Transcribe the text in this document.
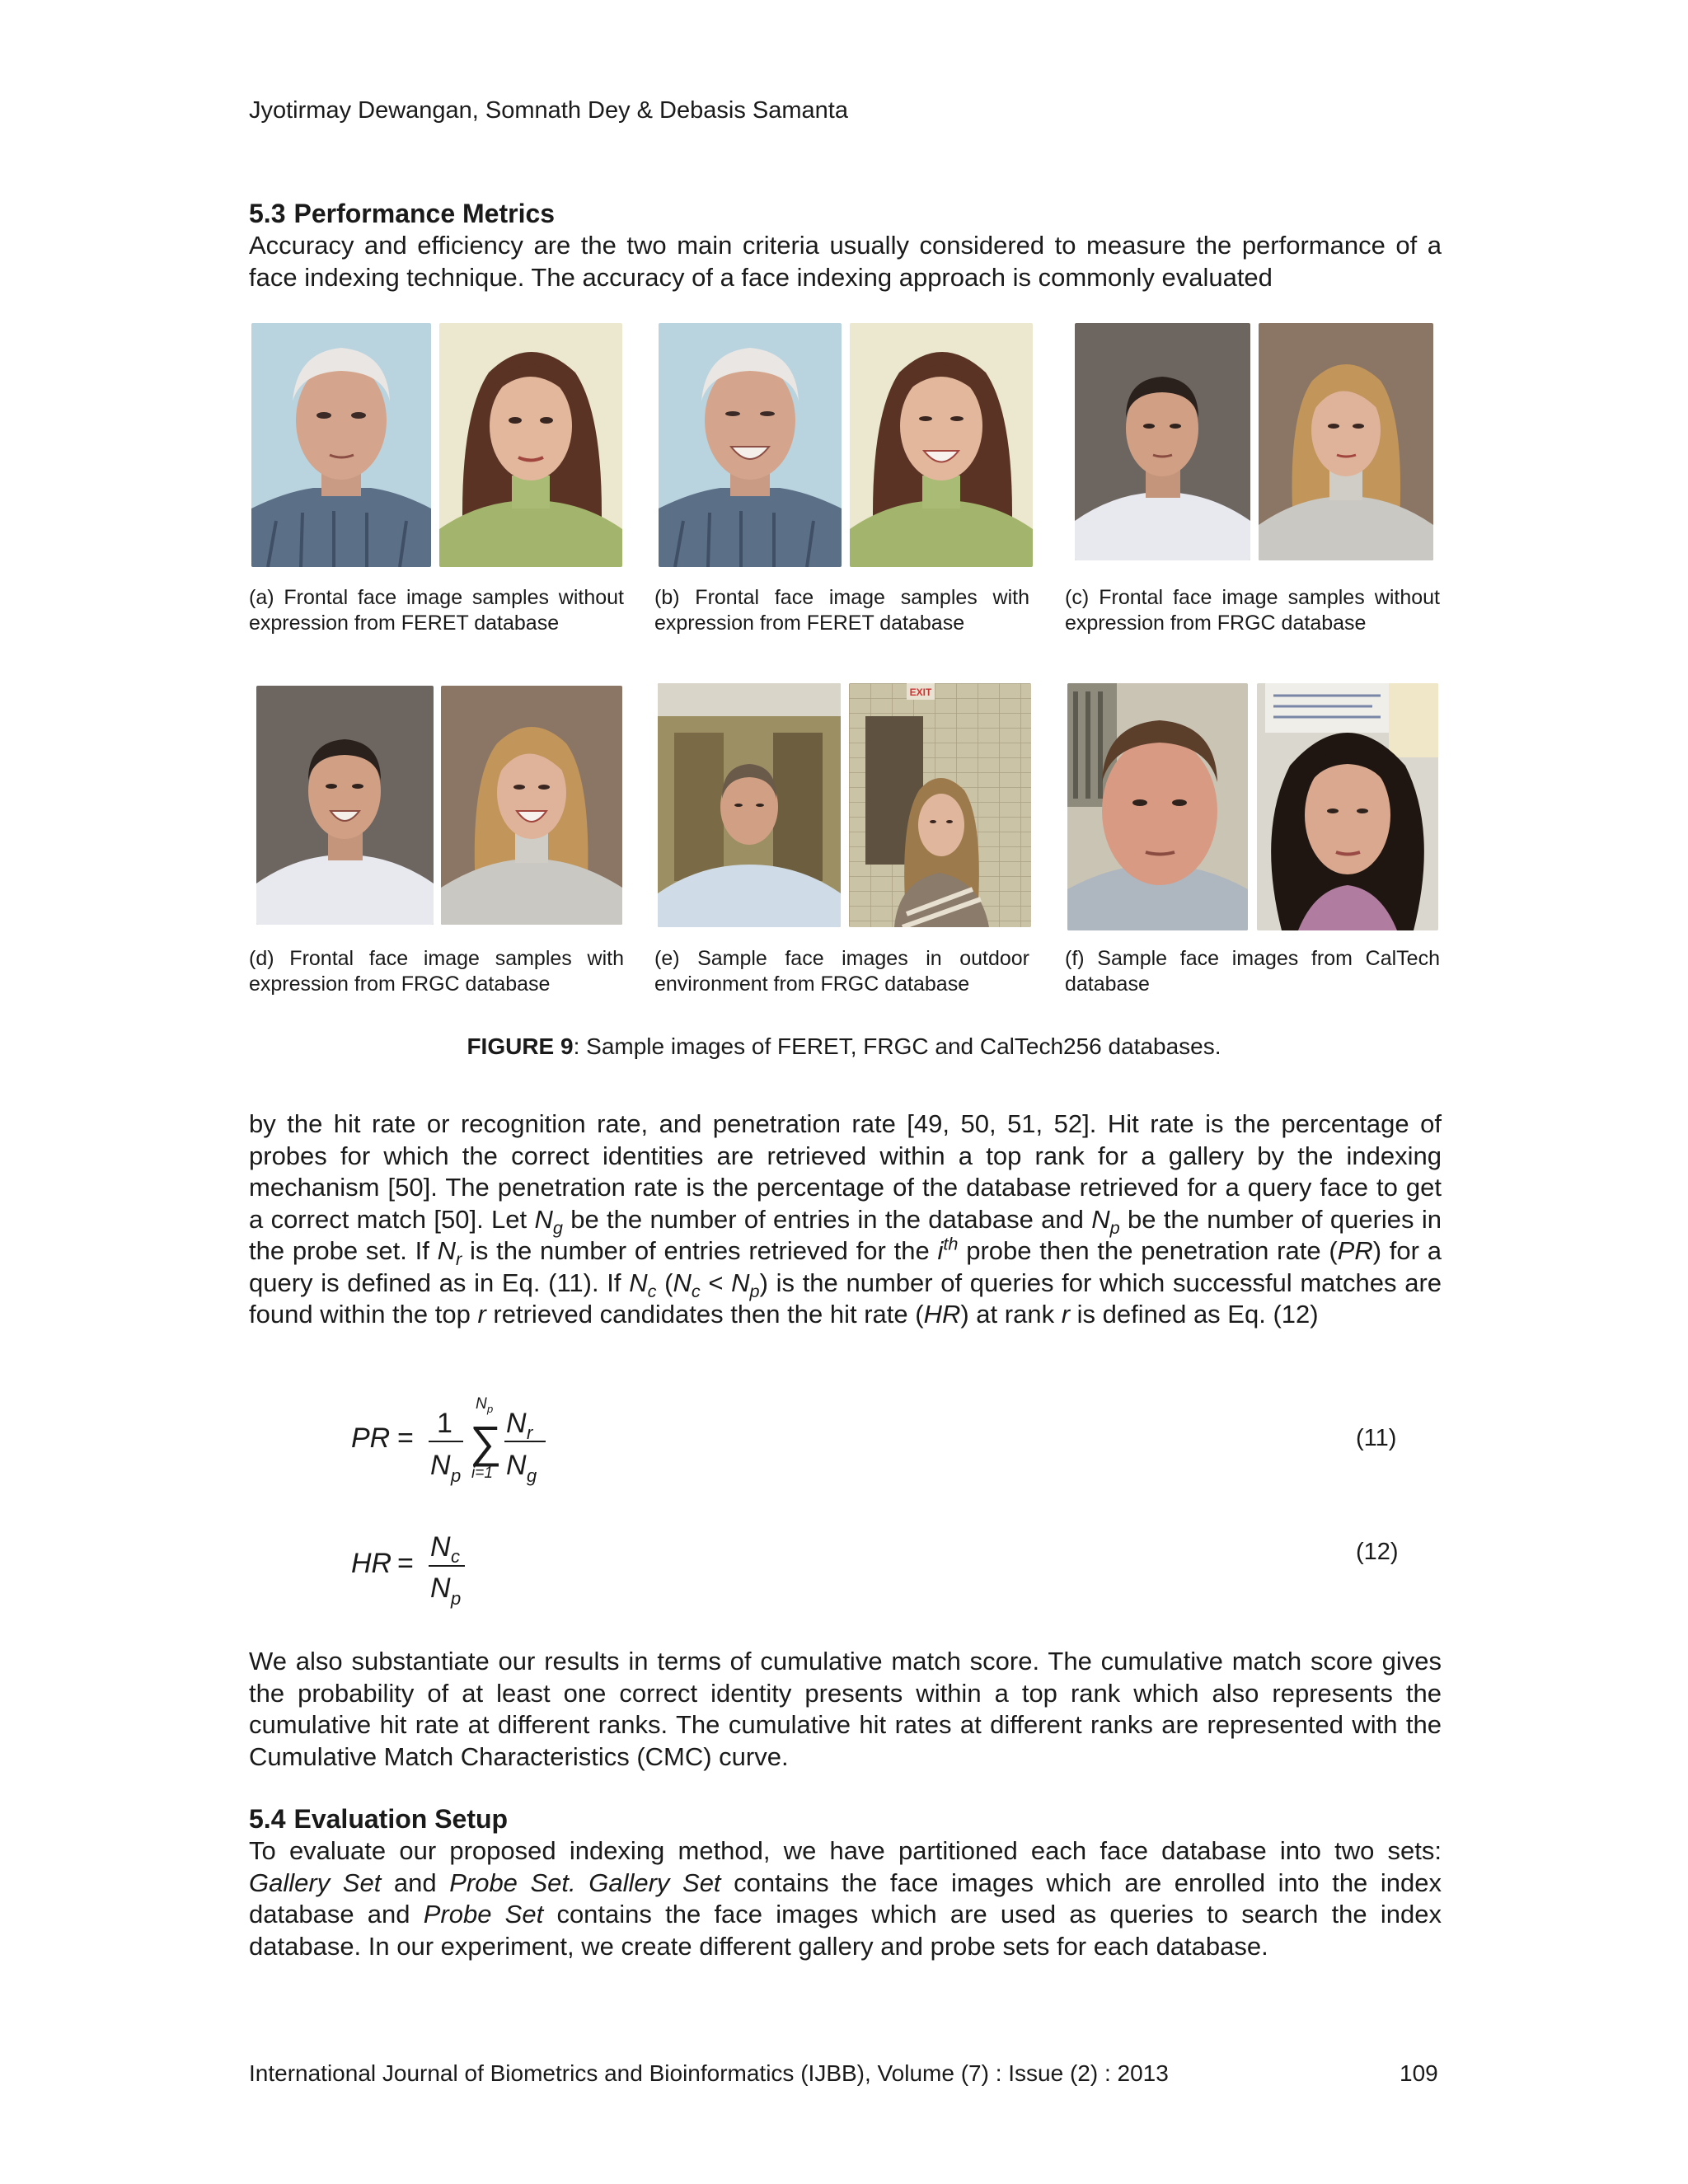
Jyotirmay Dewangan, Somnath Dey & Debasis Samanta
5.3 Performance Metrics
Accuracy and efficiency are the two main criteria usually considered to measure the performance of a face indexing technique. The accuracy of a face indexing approach is commonly evaluated
(a) Frontal face image samples without expression from FERET database
(b) Frontal face image samples with expression from FERET database
(c) Frontal face image samples without expression from FRGC database
EXIT
(d) Frontal face image samples with expression from FRGC database
(e) Sample face images in outdoor environment from FRGC database
(f) Sample face images from CalTech database
FIGURE 9: Sample images of FERET, FRGC and CalTech256 databases.
by the hit rate or recognition rate, and penetration rate [49, 50, 51, 52]. Hit rate is the percentage of probes for which the correct identities are retrieved within a top rank for a gallery by the indexing mechanism [50]. The penetration rate is the percentage of the database retrieved for a query face to get a correct match [50]. Let $N_g$ be the number of entries in the database and $N_p$ be the number of queries in the probe set. If $N_r$ is the number of entries retrieved for the $i^{th}$ probe then the penetration rate (PR) for a query is defined as in Eq. (11). If $N_c$ $(N_c < N_p)$ is the number of queries for which successful matches are found within the top r retrieved candidates then the hit rate (HR) at rank r is defined as Eq. (12)
PR = 1
N p
∑
N p
i=1
N r
N g
(11)
HR =
N c
N p
(12)
We also substantiate our results in terms of cumulative match score. The cumulative match score gives the probability of at least one correct identity presents within a top rank which also represents the cumulative hit rate at different ranks. The cumulative hit rates at different ranks are represented with the Cumulative Match Characteristics (CMC) curve.
5.4 Evaluation Setup
To evaluate our proposed indexing method, we have partitioned each face database into two sets: Gallery Set and Probe Set. Gallery Set contains the face images which are enrolled into the index database and Probe Set contains the face images which are used as queries to search the index database. In our experiment, we create different gallery and probe sets for each database.
International Journal of Biometrics and Bioinformatics (IJBB), Volume (7) : Issue (2) : 2013	109
